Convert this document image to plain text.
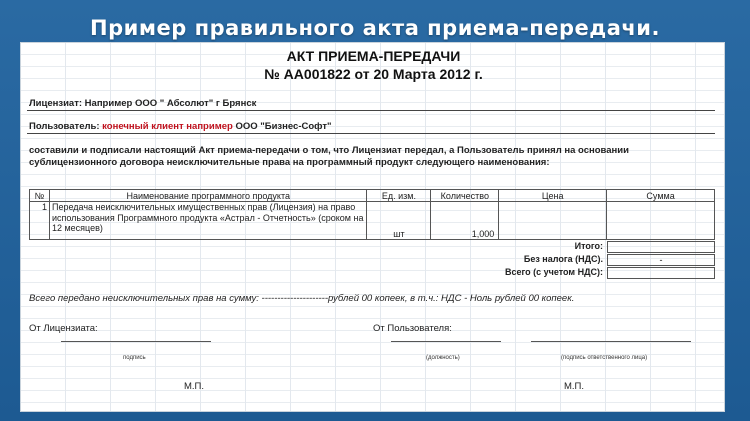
Пример правильного акта приема-передачи.
АКТ ПРИЕМА-ПЕРЕДАЧИ
№ АА001822 от 20 Марта 2012 г.
Лицензиат: Например ООО " Абсолют" г Брянск
Пользователь: конечный клиент например ООО "Бизнес-Софт"
составили и подписали настоящий Акт приема-передачи о том, что Лицензиат передал, а Пользователь принял на основании сублицензионного договора неисключительные права на программный продукт следующего наименования:
№	Наименование программного продукта	Ед. изм.	Количество	Цена	Сумма
1	Передача неисключительных имущественных прав (Лицензия) на право использования Программного продукта «Астрал - Отчетность» (сроком на 12 месяцев)	шт	1,000		
Итого:
Без налога (НДС).	-
Всего (с учетом НДС):
Всего передано неисключительных прав на сумму: ---------------------рублей 00 копеек, в т.ч.: НДС - Ноль рублей 00 копеек.
От Лицензиата:	От Пользователя:
подпись	(должность)	(подпись ответственного лица)
М.П.	М.П.
